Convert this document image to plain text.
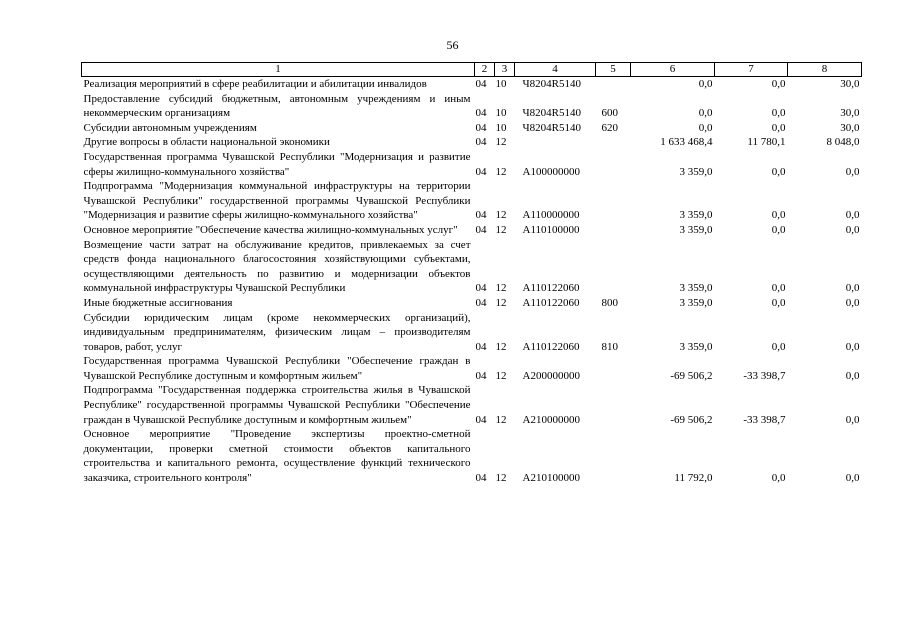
56
1	2	3	4	5	6	7	8
Реализация мероприятий в сфере реабилитации и абилитации инвалидов	04	10	Ч8204R5140		0,0	0,0	30,0
Предоставление субсидий бюджетным, автономным учреждениям и иным некоммерческим организациям	04	10	Ч8204R5140	600	0,0	0,0	30,0
Субсидии автономным учреждениям	04	10	Ч8204R5140	620	0,0	0,0	30,0
Другие вопросы в области национальной экономики	04	12			1 633 468,4	11 780,1	8 048,0
Государственная программа Чувашской Республики "Модернизация и развитие сферы жилищно-коммунального хозяйства"	04	12	А100000000		3 359,0	0,0	0,0
Подпрограмма "Модернизация коммунальной инфраструктуры на территории Чувашской Республики" государственной программы Чувашской Республики "Модернизация и развитие сферы жилищно-коммунального хозяйства"	04	12	А110000000		3 359,0	0,0	0,0
Основное мероприятие "Обеспечение качества жилищно-коммунальных услуг"	04	12	А110100000		3 359,0	0,0	0,0
Возмещение части затрат на обслуживание кредитов, привлекаемых за счет средств фонда национального благосостояния хозяйствующими субъектами, осуществляющими деятельность по развитию и модернизации объектов коммунальной инфраструктуры Чувашской Республики	04	12	А110122060		3 359,0	0,0	0,0
Иные бюджетные ассигнования	04	12	А110122060	800	3 359,0	0,0	0,0
Субсидии юридическим лицам (кроме некоммерческих организаций), индивидуальным предпринимателям, физическим лицам – производителям товаров, работ, услуг	04	12	А110122060	810	3 359,0	0,0	0,0
Государственная программа Чувашской Республики "Обеспечение граждан в Чувашской Республике доступным и комфортным жильем"	04	12	А200000000		-69 506,2	-33 398,7	0,0
Подпрограмма "Государственная поддержка строительства жилья в Чувашской Республике" государственной программы Чувашской Республики "Обеспечение граждан в Чувашской Республике доступным и комфортным жильем"	04	12	А210000000		-69 506,2	-33 398,7	0,0
Основное мероприятие "Проведение экспертизы проектно-сметной документации, проверки сметной стоимости объектов капитального строительства и капитального ремонта, осуществление функций технического заказчика, строительного контроля"	04	12	А210100000		11 792,0	0,0	0,0
